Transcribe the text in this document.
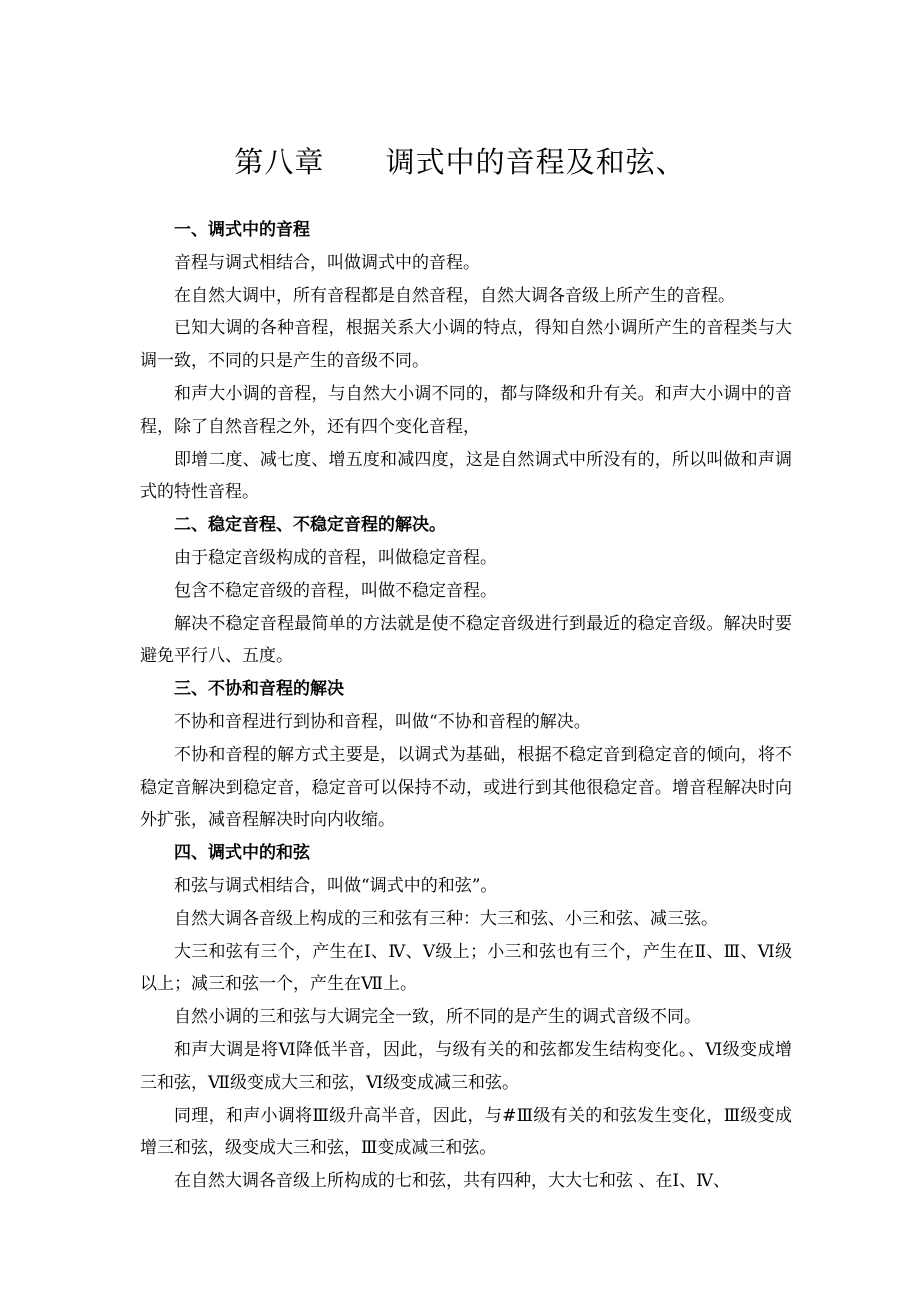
第八章      调式中的音程及和弦、

一、调式中的音程

音程与调式相结合，叫做调式中的音程。

在自然大调中，所有音程都是自然音程，自然大调各音级上所产生的音程。

已知大调的各种音程，根据关系大小调的特点，得知自然小调所产生的音程类与大调一致，不同的只是产生的音级不同。

和声大小调的音程，与自然大小调不同的，都与降级和升有关。和声大小调中的音程，除了自然音程之外，还有四个变化音程，

即增二度、减七度、增五度和减四度，这是自然调式中所没有的，所以叫做和声调式的特性音程。

二、稳定音程、不稳定音程的解决。

由于稳定音级构成的音程，叫做稳定音程。

包含不稳定音级的音程，叫做不稳定音程。

解决不稳定音程最简单的方法就是使不稳定音级进行到最近的稳定音级。解决时要避免平行八、五度。

三、不协和音程的解决

不协和音程进行到协和音程，叫做“不协和音程的解决。

不协和音程的解方式主要是，以调式为基础，根据不稳定音到稳定音的倾向，将不稳定音解决到稳定音，稳定音可以保持不动，或进行到其他很稳定音。增音程解决时向外扩张，减音程解决时向内收缩。

四、调式中的和弦

和弦与调式相结合，叫做“调式中的和弦”。

自然大调各音级上构成的三和弦有三种：大三和弦、小三和弦、减三弦。

大三和弦有三个，产生在Ⅰ、Ⅳ、Ⅴ级上；小三和弦也有三个，产生在Ⅱ、Ⅲ、Ⅵ级以上；减三和弦一个，产生在Ⅶ上。

自然小调的三和弦与大调完全一致，所不同的是产生的调式音级不同。

和声大调是将Ⅵ降低半音，因此，与级有关的和弦都发生结构变化。、Ⅵ级变成增三和弦，Ⅶ级变成大三和弦，Ⅵ级变成减三和弦。

同理，和声小调将Ⅲ级升高半音，因此，与#Ⅲ级有关的和弦发生变化，Ⅲ级变成增三和弦，级变成大三和弦，Ⅲ变成减三和弦。

在自然大调各音级上所构成的七和弦，共有四种，大大七和弦 、在Ⅰ、Ⅳ、
